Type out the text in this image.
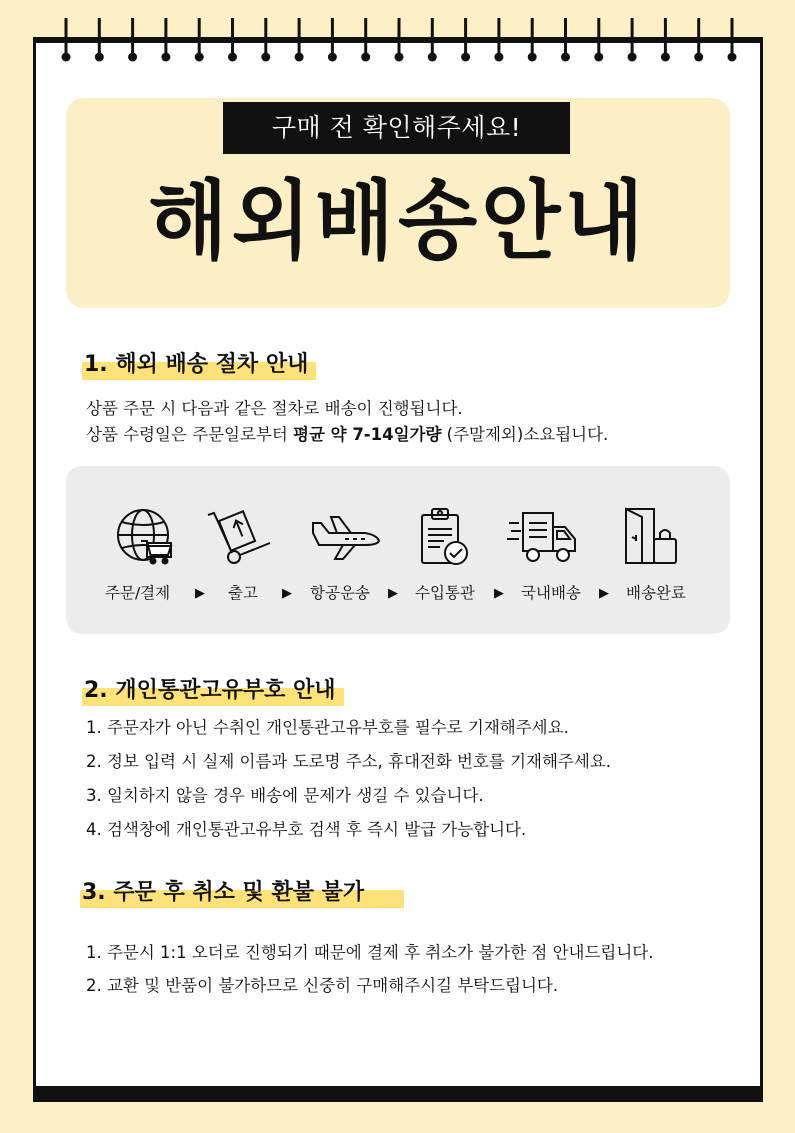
구매 전 확인해주세요!
해외배송안내
1. 해외 배송 절차 안내
상품 주문 시 다음과 같은 절차로 배송이 진행됩니다.
상품 수령일은 주문일로부터 평균 약 7-14일가량 (주말제외)소요됩니다.
주문/결제 ▶ 출고 ▶ 항공운송 ▶ 수입통관 ▶ 국내배송 ▶ 배송완료
2. 개인통관고유부호 안내
1. 주문자가 아닌 수취인 개인통관고유부호를 필수로 기재해주세요.
2. 정보 입력 시 실제 이름과 도로명 주소, 휴대전화 번호를 기재해주세요.
3. 일치하지 않을 경우 배송에 문제가 생길 수 있습니다.
4. 검색창에 개인통관고유부호 검색 후 즉시 발급 가능합니다.
3. 주문 후 취소 및 환불 불가
1. 주문시 1:1 오더로 진행되기 때문에 결제 후 취소가 불가한 점 안내드립니다.
2. 교환 및 반품이 불가하므로 신중히 구매해주시길 부탁드립니다.
